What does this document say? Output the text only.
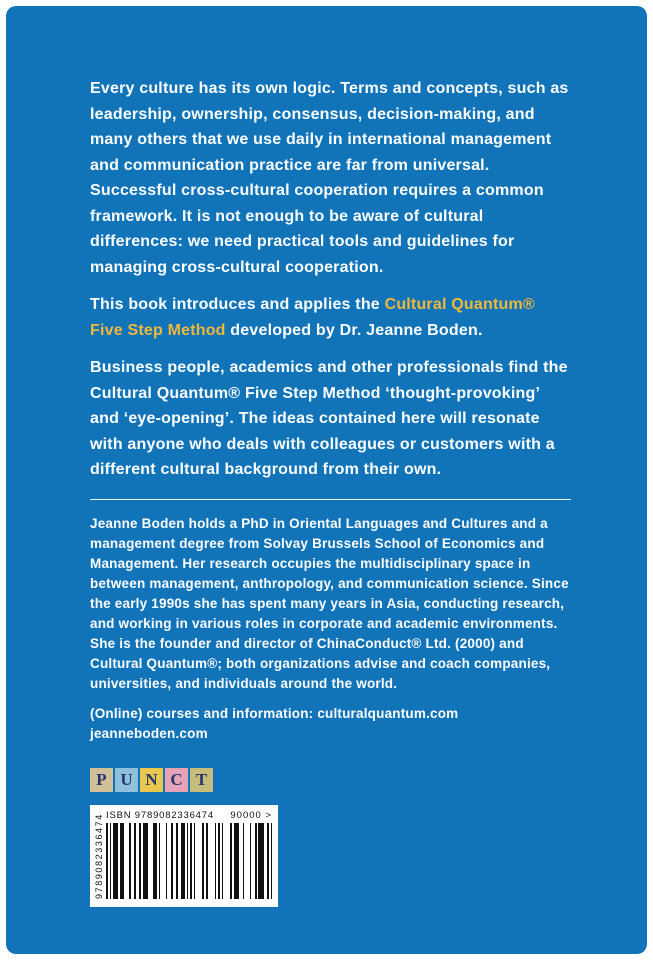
Every culture has its own logic. Terms and concepts, such as leadership, ownership, consensus, decision-making, and many others that we use daily in international management and communication practice are far from universal. Successful cross-cultural cooperation requires a common framework. It is not enough to be aware of cultural differences: we need practical tools and guidelines for managing cross-cultural cooperation.

This book introduces and applies the Cultural Quantum® Five Step Method developed by Dr. Jeanne Boden.

Business people, academics and other professionals find the Cultural Quantum® Five Step Method ‘thought-provoking’ and ‘eye-opening’. The ideas contained here will resonate with anyone who deals with colleagues or customers with a different cultural background from their own.

Jeanne Boden holds a PhD in Oriental Languages and Cultures and a management degree from Solvay Brussels School of Economics and Management. Her research occupies the multidisciplinary space in between management, anthropology, and communication science. Since the early 1990s she has spent many years in Asia, conducting research, and working in various roles in corporate and academic environments. She is the founder and director of ChinaConduct® Ltd. (2000) and Cultural Quantum®; both organizations advise and coach companies, universities, and individuals around the world.

(Online) courses and information: culturalquantum.com
jeanneboden.com

P U N C T
ISBN 9789082336474 90000 >
9789082336474
